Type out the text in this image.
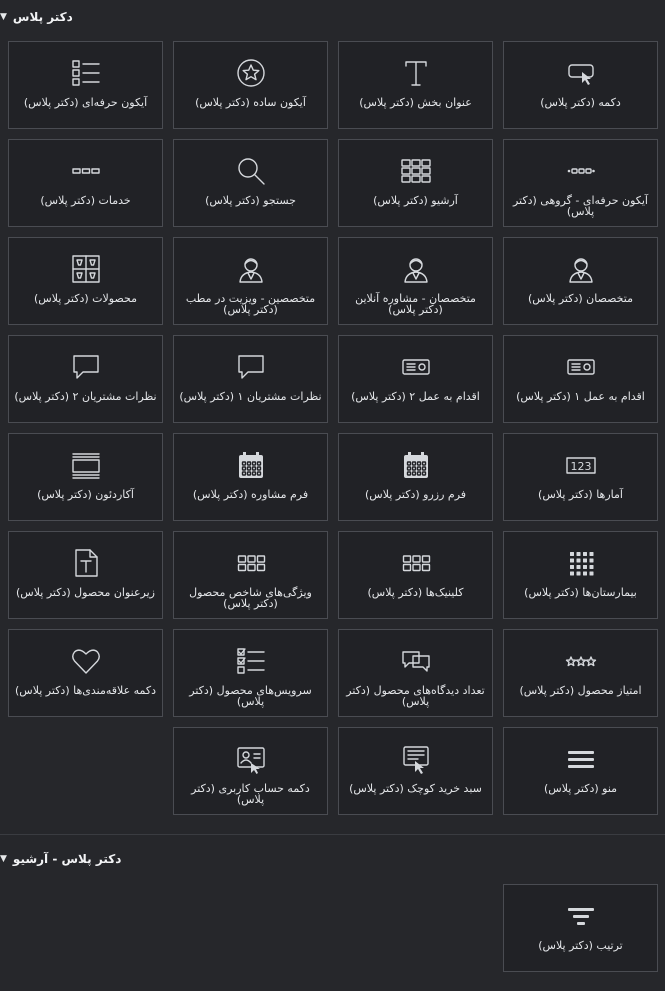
دکتر پلاس
▼
دکمه (دکتر پلاس)
عنوان بخش (دکتر پلاس)
آیکون ساده (دکتر پلاس)
آیکون حرفه‌ای (دکتر پلاس)
آیکون حرفه‌ای - گروهی (دکتر پلاس)
آرشیو (دکتر پلاس)
جستجو (دکتر پلاس)
خدمات (دکتر پلاس)
متخصصان (دکتر پلاس)
متخصصان - مشاوره آنلاین (دکتر پلاس)
متخصصین - ویزیت در مطب (دکتر پلاس)
محصولات (دکتر پلاس)
اقدام به عمل ۱ (دکتر پلاس)
اقدام به عمل ۲ (دکتر پلاس)
نظرات مشتریان ۱ (دکتر پلاس)
نظرات مشتریان ۲ (دکتر پلاس)
123
آمارها (دکتر پلاس)
فرم رزرو (دکتر پلاس)
فرم مشاوره (دکتر پلاس)
آکاردئون (دکتر پلاس)
بیمارستان‌ها (دکتر پلاس)
کلینیک‌ها (دکتر پلاس)
ویژگی‌های شاخص محصول (دکتر پلاس)
زیرعنوان محصول (دکتر پلاس)
امتیاز محصول (دکتر پلاس)
تعداد دیدگاه‌های محصول (دکتر پلاس)
سرویس‌های محصول (دکتر پلاس)
دکمه علاقه‌مندی‌ها (دکتر پلاس)
منو (دکتر پلاس)
سبد خرید کوچک (دکتر پلاس)
دکمه حساب کاربری (دکتر پلاس)
دکتر پلاس - آرشیو
▼
ترتیب (دکتر پلاس)
